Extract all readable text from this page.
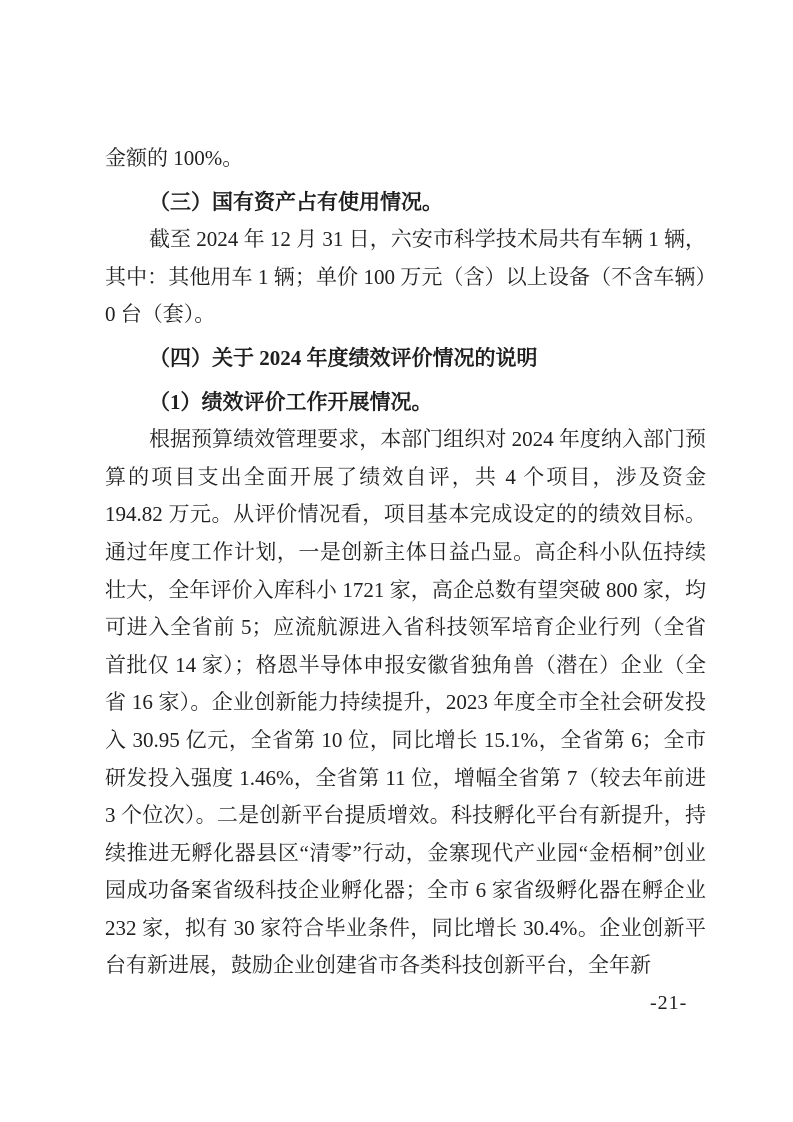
金额的 100%。

（三）国有资产占有使用情况。

截至 2024 年 12 月 31 日，六安市科学技术局共有车辆 1 辆，其中：其他用车 1 辆；单价 100 万元（含）以上设备（不含车辆）0 台（套）。

（四）关于 2024 年度绩效评价情况的说明

（1）绩效评价工作开展情况。

根据预算绩效管理要求，本部门组织对 2024 年度纳入部门预算的项目支出全面开展了绩效自评，共 4 个项目，涉及资金 194.82 万元。从评价情况看，项目基本完成设定的的绩效目标。通过年度工作计划，一是创新主体日益凸显。高企科小队伍持续壮大，全年评价入库科小 1721 家，高企总数有望突破 800 家，均可进入全省前 5；应流航源进入省科技领军培育企业行列（全省首批仅 14 家）；格恩半导体申报安徽省独角兽（潜在）企业（全省 16 家）。企业创新能力持续提升，2023 年度全市全社会研发投入 30.95 亿元，全省第 10 位，同比增长 15.1%，全省第 6；全市研发投入强度 1.46%，全省第 11 位，增幅全省第 7（较去年前进 3 个位次）。二是创新平台提质增效。科技孵化平台有新提升，持续推进无孵化器县区“清零”行动，金寨现代产业园“金梧桐”创业园成功备案省级科技企业孵化器；全市 6 家省级孵化器在孵企业 232 家，拟有 30 家符合毕业条件，同比增长 30.4%。企业创新平台有新进展，鼓励企业创建省市各类科技创新平台，全年新

-21-
